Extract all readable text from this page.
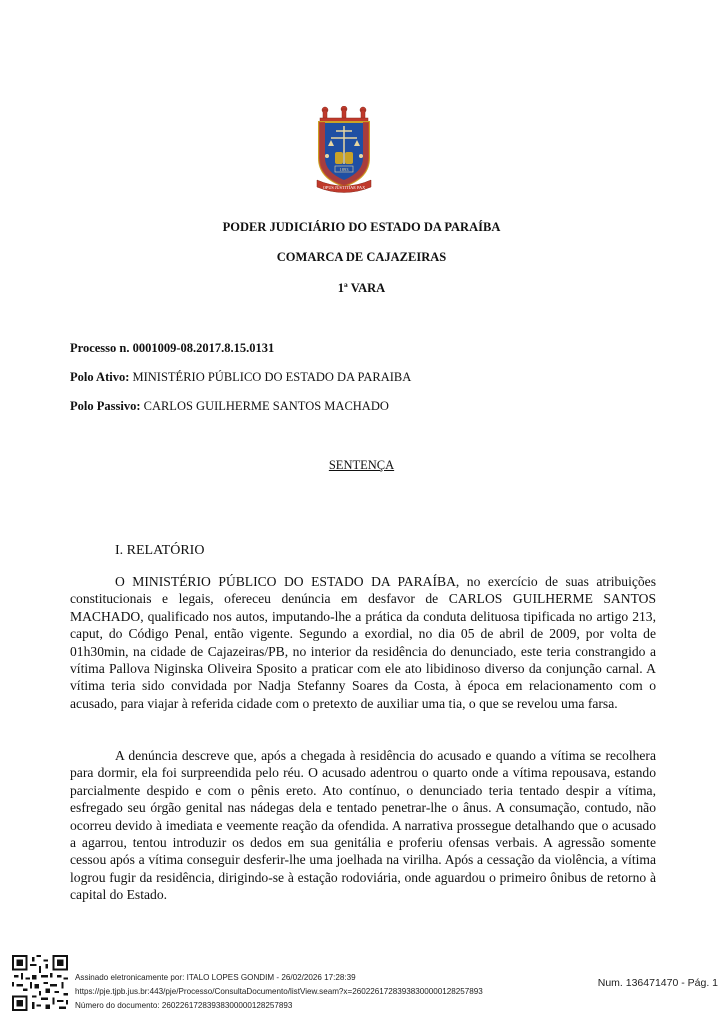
1893
OPUS JUSTITIAE PAX
PODER JUDICIÁRIO DO ESTADO DA PARAÍBA
COMARCA DE CAJAZEIRAS
1ª VARA
Processo n. 0001009-08.2017.8.15.0131
Polo Ativo: MINISTÉRIO PÚBLICO DO ESTADO DA PARAIBA
Polo Passivo: CARLOS GUILHERME SANTOS MACHADO
SENTENÇA
I. RELATÓRIO

O MINISTÉRIO PÚBLICO DO ESTADO DA PARAÍBA, no exercício de suas atribuições constitucionais e legais, ofereceu denúncia em desfavor de CARLOS GUILHERME SANTOS MACHADO, qualificado nos autos, imputando-lhe a prática da conduta delituosa tipificada no artigo 213, caput, do Código Penal, então vigente. Segundo a exordial, no dia 05 de abril de 2009, por volta de 01h30min, na cidade de Cajazeiras/PB, no interior da residência do denunciado, este teria constrangido a vítima Pallova Niginska Oliveira Sposito a praticar com ele ato libidinoso diverso da conjunção carnal. A vítima teria sido convidada por Nadja Stefanny Soares da Costa, à época em relacionamento com o acusado, para viajar à referida cidade com o pretexto de auxiliar uma tia, o que se revelou uma farsa.

A denúncia descreve que, após a chegada à residência do acusado e quando a vítima se recolhera para dormir, ela foi surpreendida pelo réu. O acusado adentrou o quarto onde a vítima repousava, estando parcialmente despido e com o pênis ereto. Ato contínuo, o denunciado teria tentado despir a vítima, esfregado seu órgão genital nas nádegas dela e tentado penetrar-lhe o ânus. A consumação, contudo, não ocorreu devido à imediata e veemente reação da ofendida. A narrativa prossegue detalhando que o acusado a agarrou, tentou introduzir os dedos em sua genitália e proferiu ofensas verbais. A agressão somente cessou após a vítima conseguir desferir-lhe uma joelhada na virilha. Após a cessação da violência, a vítima logrou fugir da residência, dirigindo-se à estação rodoviária, onde aguardou o primeiro ônibus de retorno à capital do Estado.

Assinado eletronicamente por: ITALO LOPES GONDIM - 26/02/2026 17:28:39
https://pje.tjpb.jus.br:443/pje/Processo/ConsultaDocumento/listView.seam?x=26022617283938300000128257893
Número do documento: 26022617283938300000128257893
Num. 136471470 - Pág. 1
